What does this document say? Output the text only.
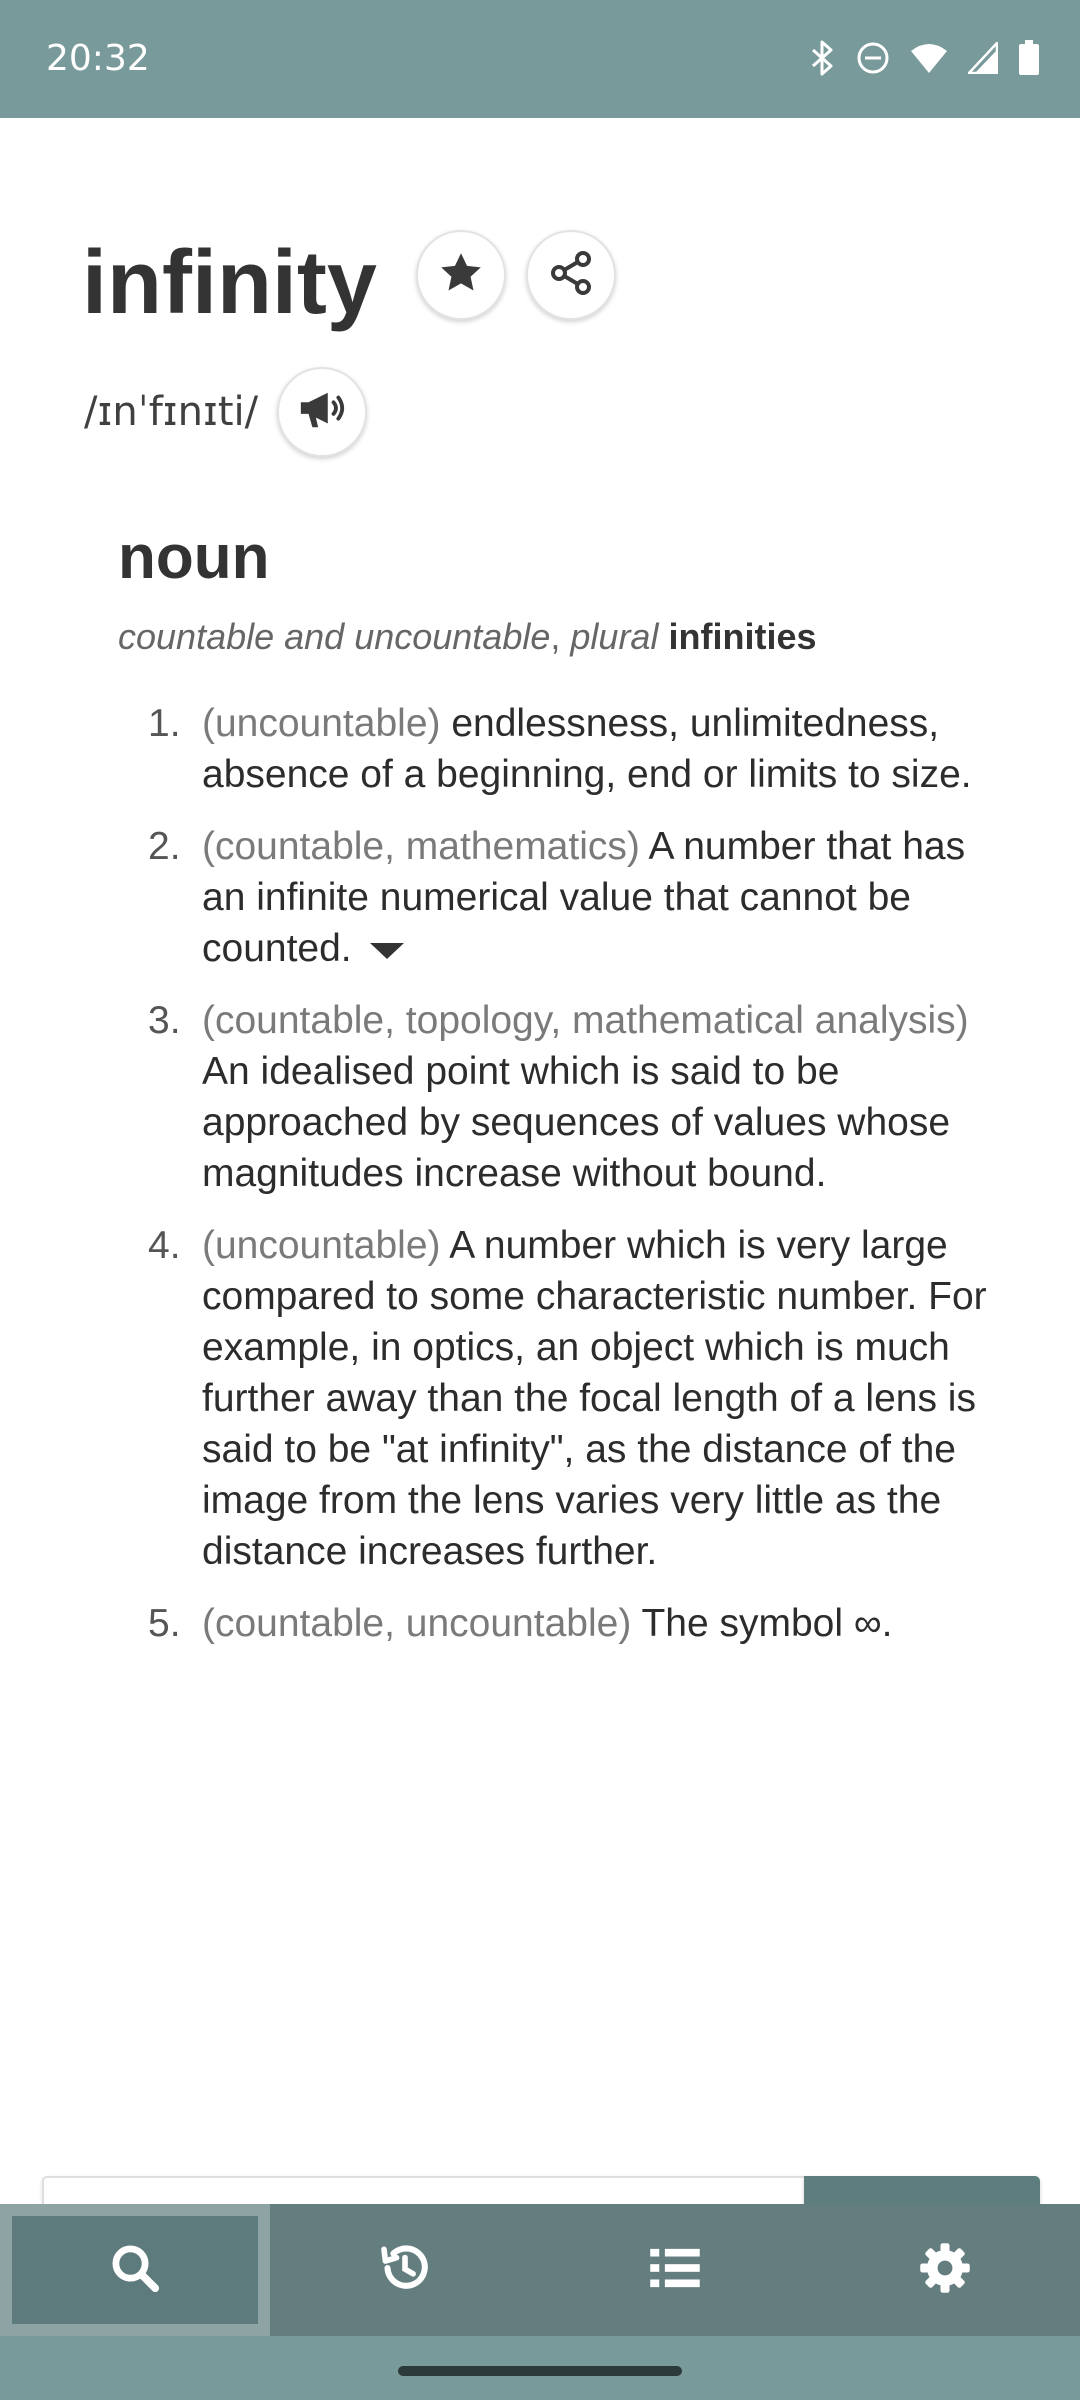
20:32
infinity
/ɪnˈfɪnɪti/
noun
countable and uncountable, plural infinities
1. (uncountable) endlessness, unlimitedness, absence of a beginning, end or limits to size.
2. (countable, mathematics) A number that has an infinite numerical value that cannot be counted.
3. (countable, topology, mathematical analysis) An idealised point which is said to be approached by sequences of values whose magnitudes increase without bound.
4. (uncountable) A number which is very large compared to some characteristic number. For example, in optics, an object which is much further away than the focal length of a lens is said to be "at infinity", as the distance of the image from the lens varies very little as the distance increases further.
5. (countable, uncountable) The symbol ∞.
Type in a word
